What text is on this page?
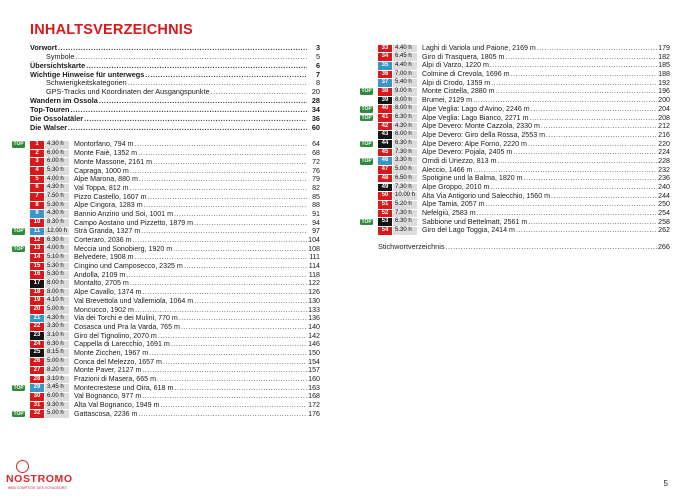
INHALTSVERZEICHNIS
Vorwort .....	3
Symbole .....	5
Übersichtskarte .....	6
Wichtige Hinweise für unterwegs .....	7
Schwierigkeitskategorien .....	8
GPS-Tracks und Koordinaten der Ausgangspunkte .....	20
Wandern im Ossola .....	28
Top-Touren .....	34
Die Ossolatäler .....	36
Die Walser .....	60
TOP	1	4.30 h	Montorfano, 794 m .....	64
2	6.00 h	Monte Faiè, 1352 m .....	68
3	6.00 h	Monte Massone, 2161 m .....	72
4	5.30 h	Capraga, 1000 m .....	76
5	4.00 h	Alpe Marona, 880 m .....	79
6	4.30 h	Val Toppa, 812 m .....	82
7	7.50 h	Pizzo Castello, 1607 m .....	85
8	5.30 h	Alpe Cingora, 1283 m .....	88
9	4.30 h	Bannio Anzino und Soi, 1001 m .....	91
10	8.30 h	Campo Aostano und Pizzetto, 1879 m .....	94
TOP	11	12.00 h Strà Granda, 1327 m .....	97
12	6.30 h	Corteraro, 2036 m .....	104
TOP	13	4.00 h	Meccia und Sonobierg, 1920 m .....	108
14	5.10 h	Belvedere, 1908 m .....	111
15	5.30 h	Cingino und Camposecco, 2325 m .....	114
16	5.30 h	Andolla, 2109 m .....	118
17	8.00 h	Montalto, 2705 m .....	122
18	8.00 h	Alpe Cavallo, 1374 m .....	126
19	4.10 h	Val Brevettola und Vallemiola, 1064 m .....	130
20	5.00 h	Moncucco, 1902 m .....	133
21	4.30 h	Via dei Torchi e dei Mulini, 770 m .....	136
22	3.30 h	Cosasca und Pra la Varda, 765 m .....	140
23	3.10 h	Giro del Tignolino, 2070 m .....	142
24	6.30 h	Cappella di Larecchio, 1691 m .....	146
25	8.15 h	Monte Zicchen, 1967 m .....	150
26	5.00 h	Conca del Melezzo, 1657 m .....	154
27	8.20 h	Monte Paver, 2127 m .....	157
28	3.10 h	Frazioni di Masera, 665 m .....	160
TOP	29	3.45 h	Montecrestese und Oira, 618 m .....	163
30	6.00 h	Val Bognanco, 977 m .....	168
31	9.30 h	Alta Val Bognanco, 1949 m .....	172
TOP	32	5.00 h	Gattascosa, 2236 m .....	176
33	4.40 h	Laghi di Variola und Paione, 2169 m .....	179
34	6.45 h	Giro di Trasquera, 1805 m .....	182
35	4.40 h	Alpi di Varzo, 1220 m .....	185
36	7.00 h	Colmine di Crevola, 1696 m .....	188
37	5.40 h	Alpi di Crodo, 1359 m .....	192
TOP	38	9.00 h	Monte Cistella, 2880 m .....	196
39	8.00 h	Brumei, 2129 m .....	200
TOP	40	8.00 h	Alpe Veglia: Lago d'Avino, 2246 m .....	204
TOP	41	6.30 h	Alpe Veglia: Lago Bianco, 2271 m .....	208
42	4.30 h	Alpe Devero: Monte Cazzola, 2330 m .....	212
43	6.00 h	Alpe Devero: Giro della Rossa, 2553 m .....	216
TOP	44	6.30 h	Alpe Devero: Alpe Forno, 2220 m .....	220
45	7.30 h	Alpe Devero: Pojala, 2405 m .....	224
TOP	46	3.30 h	Orridi di Uriezzo, 813 m .....	228
47	5.00 h	Aleccio, 1466 m .....	232
48	6.50 h	Spotigine und la Balma, 1820 m .....	236
49	7.30 h	Alpe Groppo, 2010 m .....	240
50	10.00 h Alta Via Antigorio und Salecchio, 1560 m .....	244
51	5.20 h	Alpe Tamia, 2057 m .....	250
52	7.30 h	Nefelgiù, 2583 m .....	254
TOP	53	6.30 h	Sabbione und Bettelmatt, 2561 m .....	258
54	5.30 h	Giro del Lago Toggia, 2414 m .....	262
Stichwortverzeichnis .....	266
5
NOSTROMO
WEB COMPTOIR DES VOYAGEURS
